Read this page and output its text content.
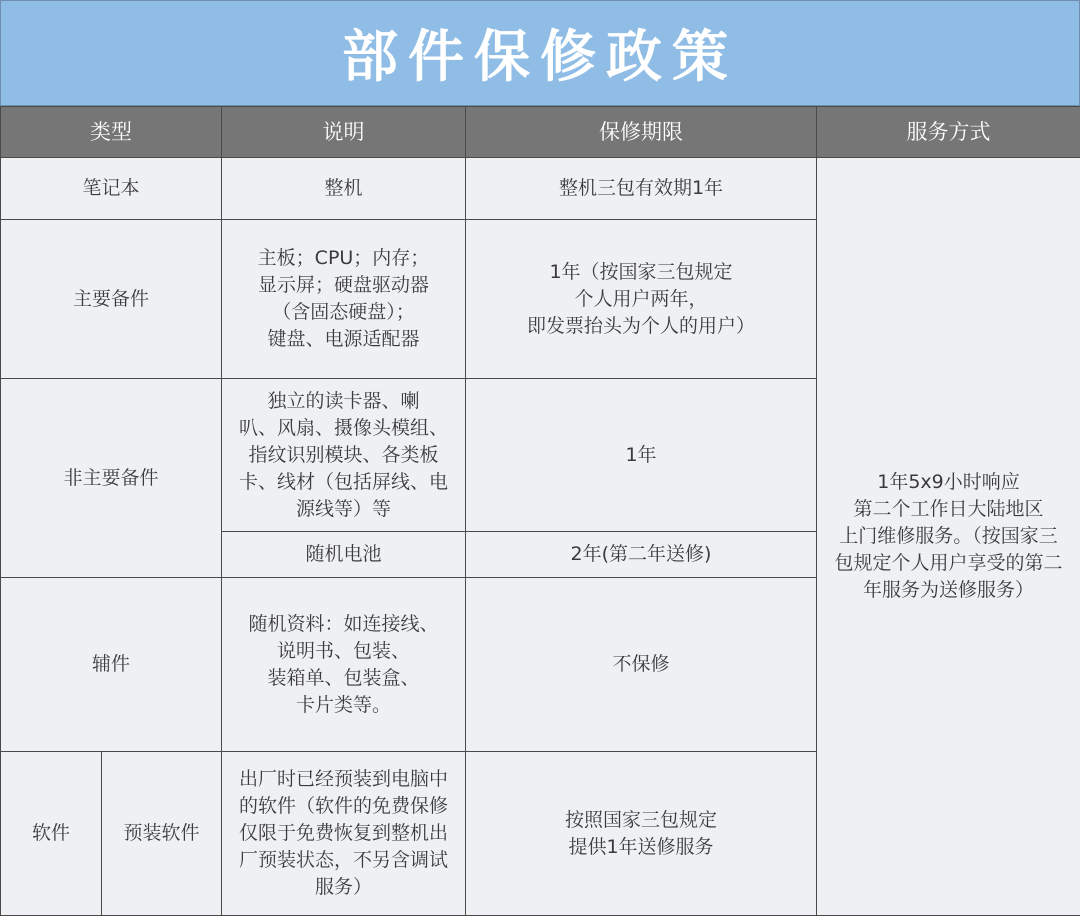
部件保修政策
类型		说明	保修期限	服务方式
笔记本		整机	整机三包有效期1年	1年5x9小时响应
第二个工作日大陆地区
上门维修服务。（按国家三
包规定个人用户享受的第二
年服务为送修服务）
主要备件		主板；CPU；内存；
显示屏；硬盘驱动器
（含固态硬盘）；
键盘、电源适配器	1年（按国家三包规定
个人用户两年，
即发票抬头为个人的用户）	
非主要备件		独立的读卡器、喇
叭、风扇、摄像头模组、
指纹识别模块、各类板
卡、线材（包括屏线、电
源线等）等	1年	
		随机电池	2年(第二年送修)	
辅件		随机资料：如连接线、
说明书、包装、
装箱单、包装盒、
卡片类等。	不保修	
软件	预装软件	出厂时已经预装到电脑中
的软件（软件的免费保修
仅限于免费恢复到整机出
厂预装状态，不另含调试
服务）	按照国家三包规定
提供1年送修服务	
